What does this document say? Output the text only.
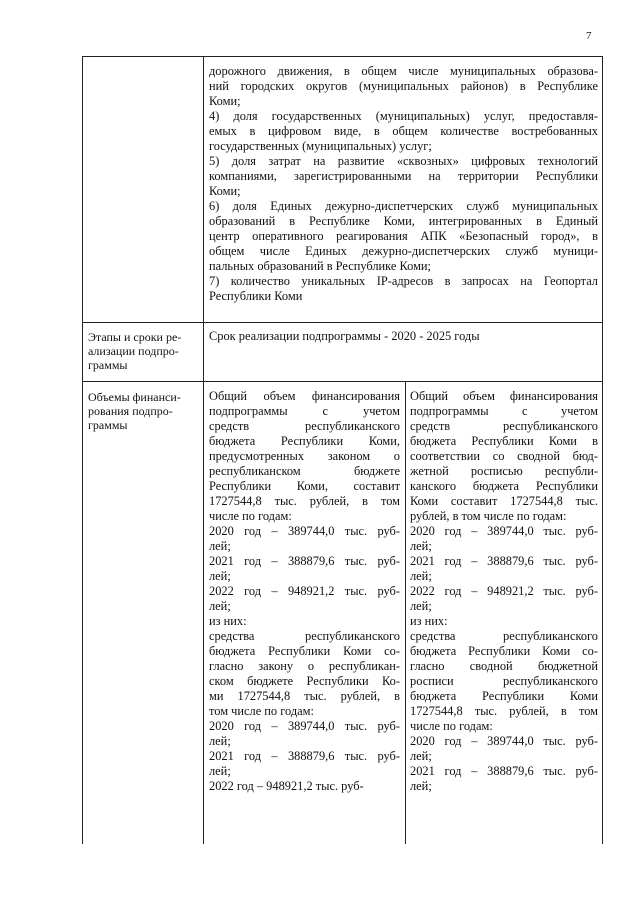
7

дорожного движения, в общем числе муниципальных образова-

ний городских округов (муниципальных районов) в Республике

Коми;

4) доля государственных (муниципальных) услуг, предоставля-

емых в цифровом виде, в общем количестве востребованных

государственных (муниципальных) услуг;

5) доля затрат на развитие «сквозных» цифровых технологий

компаниями, зарегистрированными на территории Республики

Коми;

6) доля Единых дежурно-диспетчерских служб муниципальных

образований в Республике Коми, интегрированных в Единый

центр оперативного реагирования АПК «Безопасный город», в

общем числе Единых дежурно-диспетчерских служб муници-

пальных образований в Республике Коми;

7) количество уникальных IP-адресов в запросах на Геопортал

Республики Коми

Этапы и сроки ре-

ализации подпро-

граммы

Срок реализации подпрограммы - 2020 - 2025 годы

Объемы финанси-

рования подпро-

граммы

Общий объем финансирования

подпрограммы с учетом

средств республиканского

бюджета Республики Коми,

предусмотренных законом о

республиканском бюджете

Республики Коми, составит

1727544,8 тыс. рублей, в том

числе по годам:

2020 год – 389744,0 тыс. руб-

лей;

2021 год – 388879,6 тыс. руб-

лей;

2022 год – 948921,2 тыс. руб-

лей;

из них:

средства республиканского

бюджета Республики Коми со-

гласно закону о республикан-

ском бюджете Республики Ко-

ми 1727544,8 тыс. рублей, в

том числе по годам:

2020 год – 389744,0 тыс. руб-

лей;

2021 год – 388879,6 тыс. руб-

лей;

2022 год – 948921,2 тыс. руб-

Общий объем финансирования

подпрограммы с учетом

средств республиканского

бюджета Республики Коми в

соответствии со сводной бюд-

жетной росписью республи-

канского бюджета Республики

Коми составит 1727544,8 тыс.

рублей, в том числе по годам:

2020 год – 389744,0 тыс. руб-

лей;

2021 год – 388879,6 тыс. руб-

лей;

2022 год – 948921,2 тыс. руб-

лей;

из них:

средства республиканского

бюджета Республики Коми со-

гласно сводной бюджетной

росписи республиканского

бюджета Республики Коми

1727544,8 тыс. рублей, в том

числе по годам:

2020 год – 389744,0 тыс. руб-

лей;

2021 год – 388879,6 тыс. руб-

лей;
